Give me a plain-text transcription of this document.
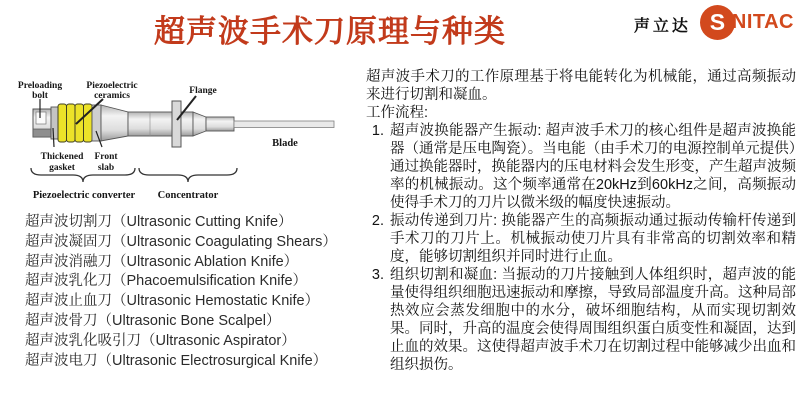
超声波手术刀原理与种类	声立达 S NITAC
Preloading
bolt
Piezoelectric
ceramics	Flange
Thickened
gasket
Front
slab
Blade
Piezoelectric converter Concentrator
超声波切割刀（Ultrasonic Cutting Knife）
超声波凝固刀（Ultrasonic Coagulating Shears）
超声波消融刀（Ultrasonic Ablation Knife）
超声波乳化刀（Phacoemulsification Knife）
超声波止血刀（Ultrasonic Hemostatic Knife）
超声波骨刀（Ultrasonic Bone Scalpel）
超声波乳化吸引刀（Ultrasonic Aspirator）
超声波电刀（Ultrasonic Electrosurgical Knife）

超声波手术刀的工作原理基于将电能转化为机械能，通过高频振动来进行切割和凝血。

工作流程:

1. 超声波换能器产生振动: 超声波手术刀的核心组件是超声波换能器（通常是压电陶瓷）。当电能（由手术刀的电源控制单元提供）通过换能器时，换能器内的压电材料会发生形变，产生超声波频率的机械振动。这个频率通常在20kHz到60kHz之间，高频振动使得手术刀的刀片以微米级的幅度快速振动。
2. 振动传递到刀片: 换能器产生的高频振动通过振动传输杆传递到手术刀的刀片上。机械振动使刀片具有非常高的切割效率和精度，能够切割组织并同时进行止血。
3. 组织切割和凝血: 当振动的刀片接触到人体组织时，超声波的能量使得组织细胞迅速振动和摩擦，导致局部温度升高。这种局部热效应会蒸发细胞中的水分，破坏细胞结构，从而实现切割效果。同时，升高的温度会使得周围组织蛋白质变性和凝固，达到止血的效果。这使得超声波手术刀在切割过程中能够减少出血和组织损伤。
